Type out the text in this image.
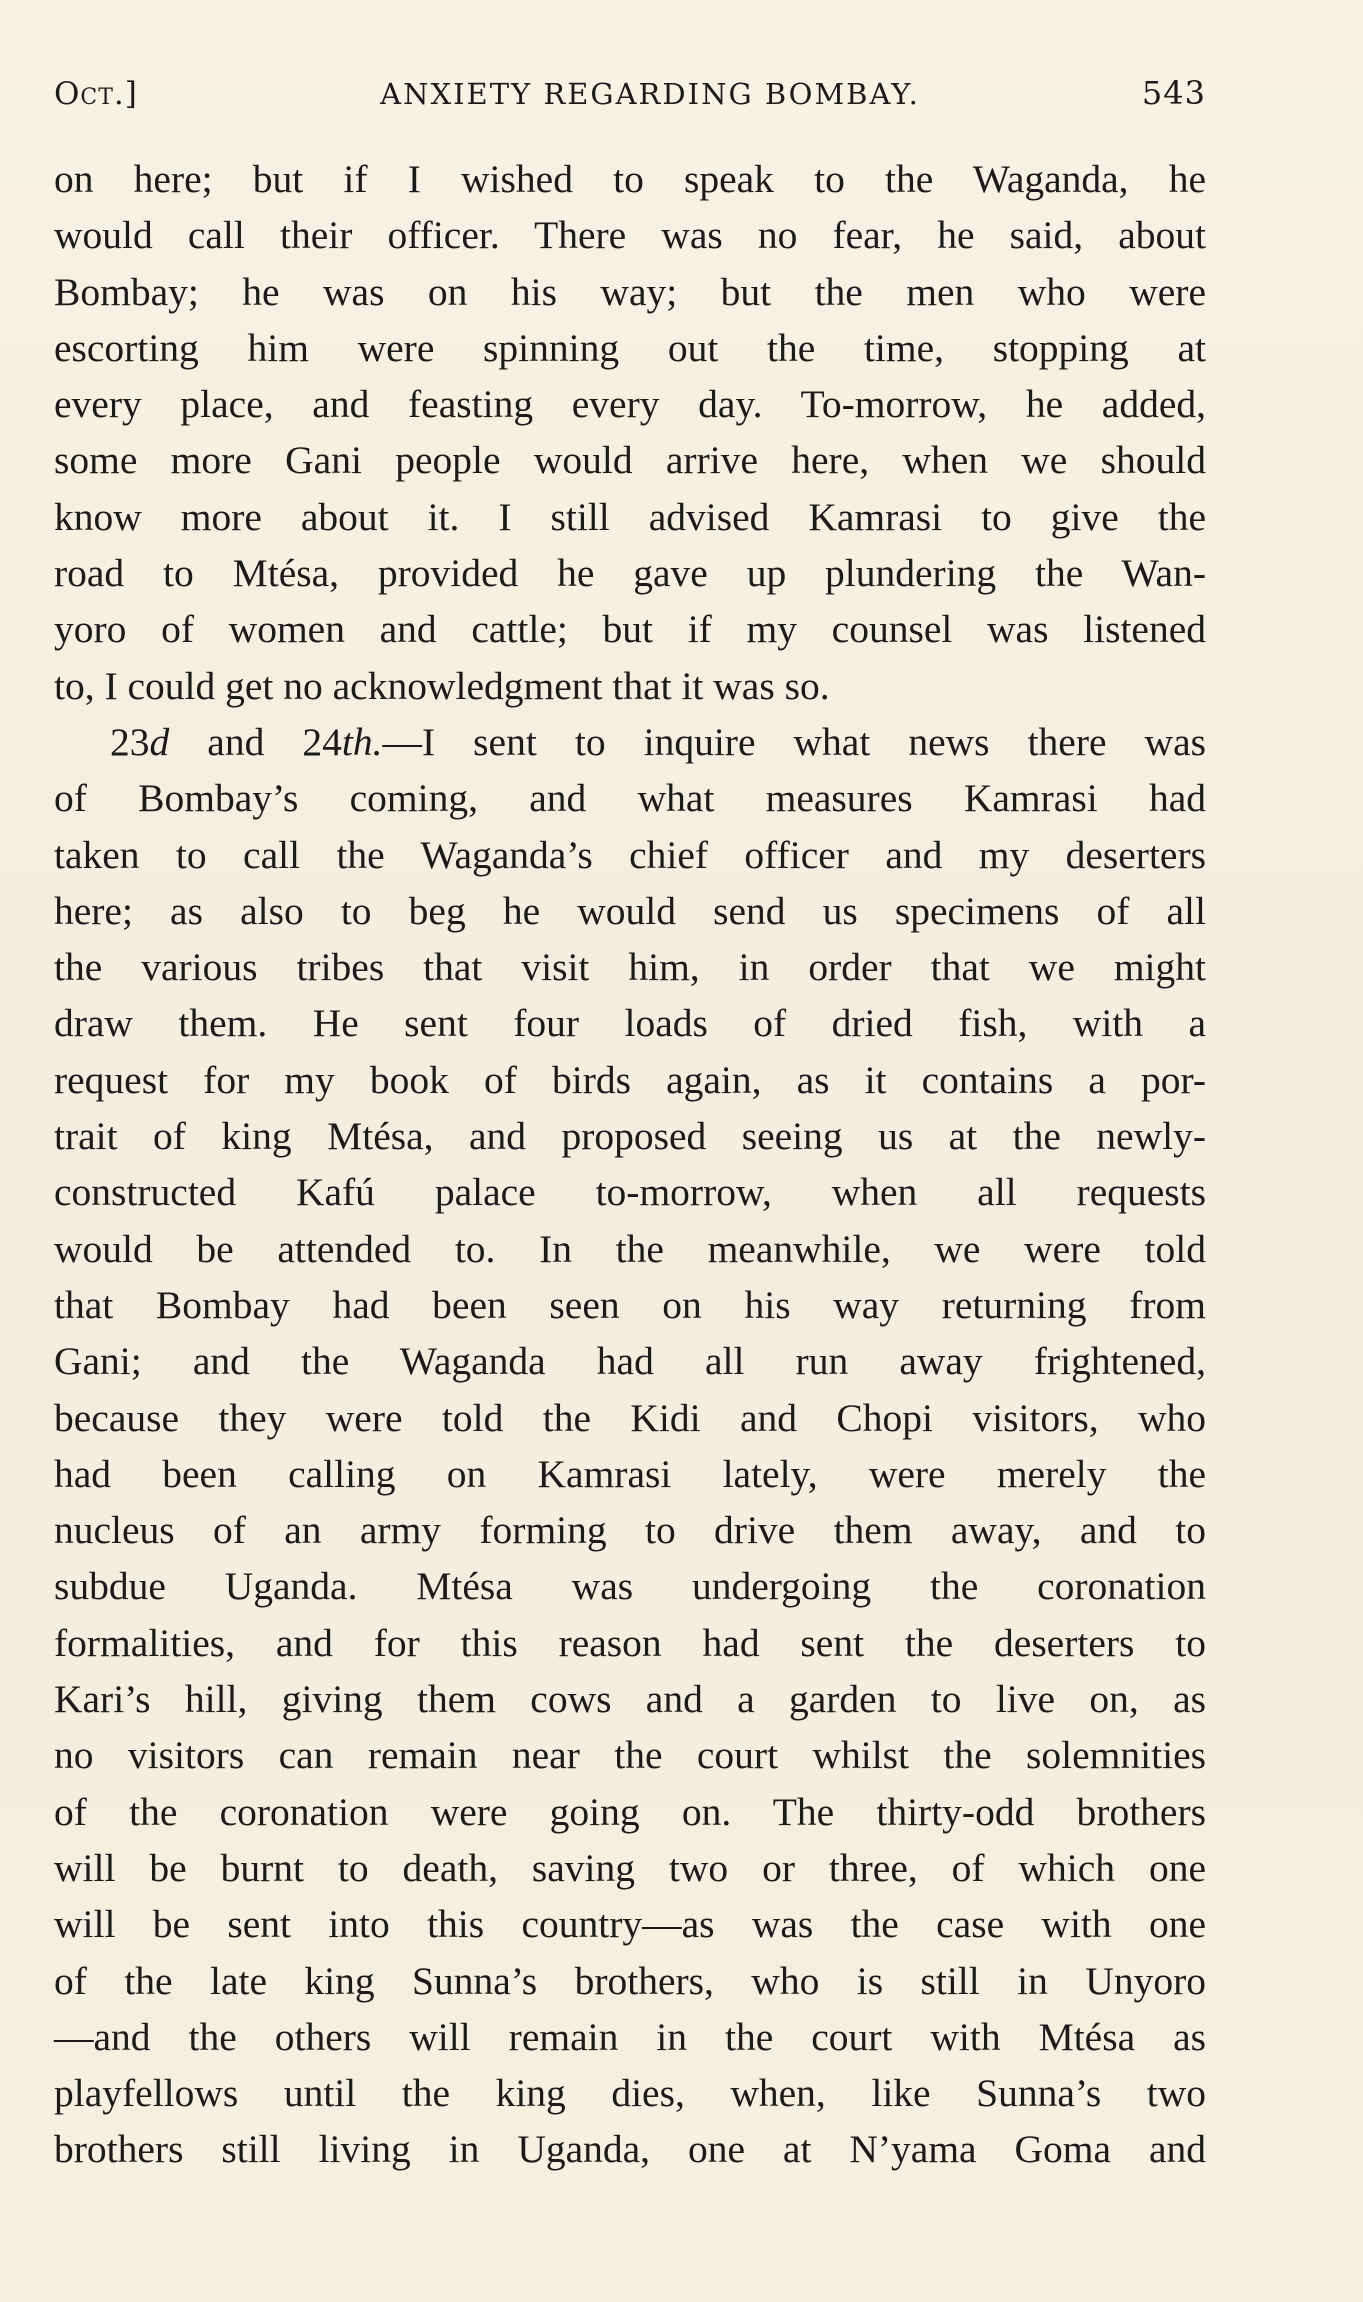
Oct.]	ANXIETY REGARDING BOMBAY.	543
on here; but if I wished to speak to the Waganda, he
would call their officer. There was no fear, he said, about
Bombay; he was on his way; but the men who were
escorting him were spinning out the time, stopping at
every place, and feasting every day. To-morrow, he added,
some more Gani people would arrive here, when we should
know more about it. I still advised Kamrasi to give the
road to Mtésa, provided he gave up plundering the Wan-
yoro of women and cattle; but if my counsel was listened
to, I could get no acknowledgment that it was so.
23d and 24th.—I sent to inquire what news there was
of Bombay’s coming, and what measures Kamrasi had
taken to call the Waganda’s chief officer and my deserters
here; as also to beg he would send us specimens of all
the various tribes that visit him, in order that we might
draw them. He sent four loads of dried fish, with a
request for my book of birds again, as it contains a por-
trait of king Mtésa, and proposed seeing us at the newly-
constructed Kafú palace to-morrow, when all requests
would be attended to. In the meanwhile, we were told
that Bombay had been seen on his way returning from
Gani; and the Waganda had all run away frightened,
because they were told the Kidi and Chopi visitors, who
had been calling on Kamrasi lately, were merely the
nucleus of an army forming to drive them away, and to
subdue Uganda. Mtésa was undergoing the coronation
formalities, and for this reason had sent the deserters to
Kari’s hill, giving them cows and a garden to live on, as
no visitors can remain near the court whilst the solemnities
of the coronation were going on. The thirty-odd brothers
will be burnt to death, saving two or three, of which one
will be sent into this country—as was the case with one
of the late king Sunna’s brothers, who is still in Unyoro
—and the others will remain in the court with Mtésa as
playfellows until the king dies, when, like Sunna’s two
brothers still living in Uganda, one at N’yama Goma and
